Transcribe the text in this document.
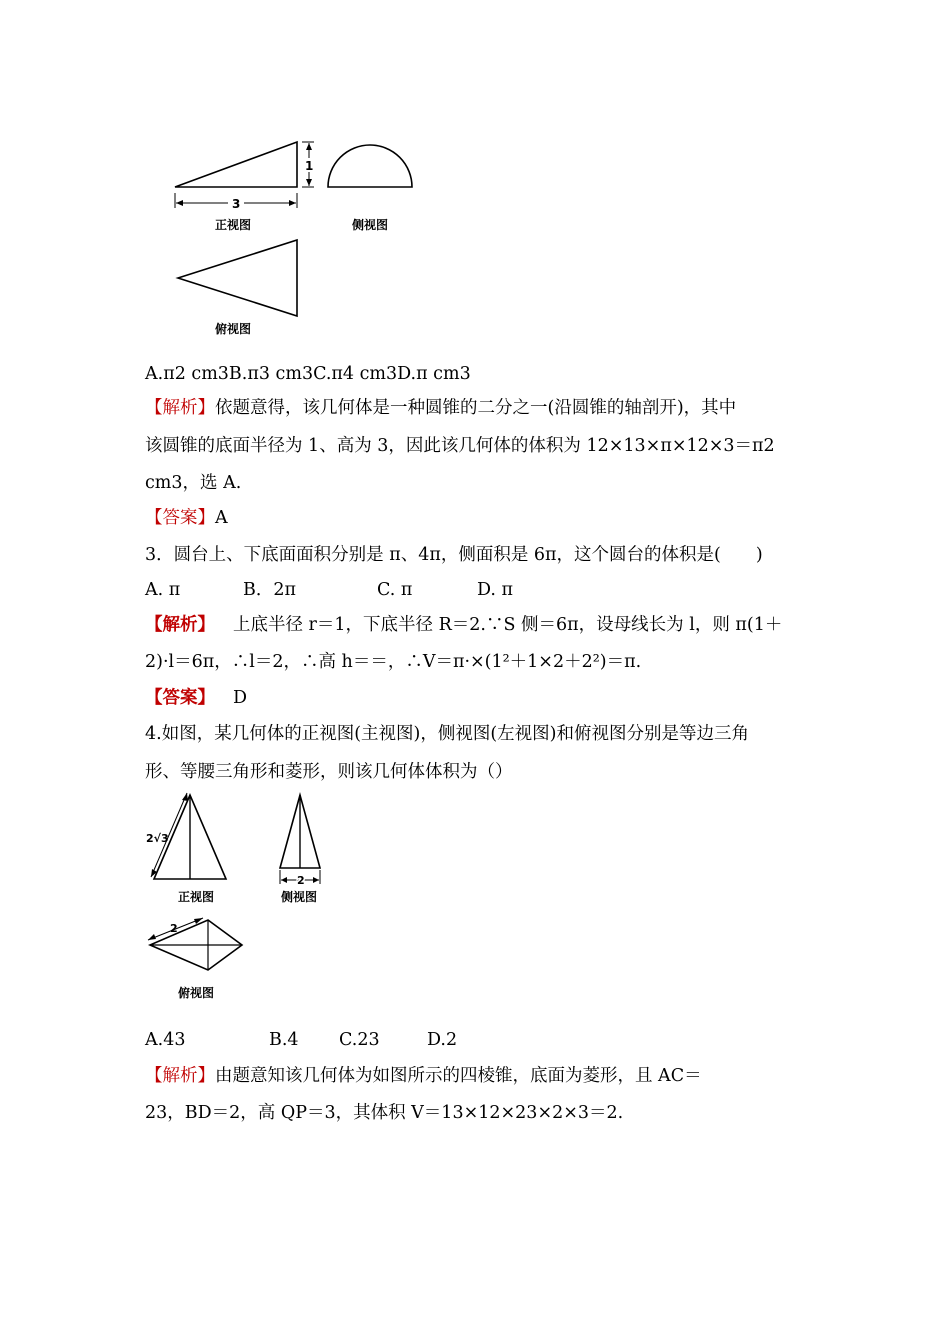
1
3
正视图	侧视图
俯视图
A.π2 cm3B.π3 cm3C.π4 cm3D.π cm3
【解析】依题意得，该几何体是一种圆锥的二分之一(沿圆锥的轴剖开)，其中
该圆锥的底面半径为 1、高为 3，因此该几何体的体积为 12×13×π×12×3＝π2
cm3，选 A.
【答案】A
3．圆台上、下底面面积分别是 π、4π，侧面积是 6π，这个圆台的体积是(　　)
A. π	B．2π	C. π	D. π
【解析】 上底半径 r＝1，下底半径 R＝2.∵S 侧＝6π，设母线长为 l，则 π(1＋
2)·l＝6π，∴l＝2，∴高 h＝＝，∴V＝π·×(1²＋1×2＋2²)＝π.
【答案】 D
4.如图，某几何体的正视图(主视图)，侧视图(左视图)和俯视图分别是等边三角
形、等腰三角形和菱形，则该几何体体积为（）
2√3
正视图
2
侧视图
2
俯视图
A.43	B.4 C.23	D.2
【解析】由题意知该几何体为如图所示的四棱锥，底面为菱形，且 AC＝
23，BD＝2，高 QP＝3，其体积 V＝13×12×23×2×3＝2.
